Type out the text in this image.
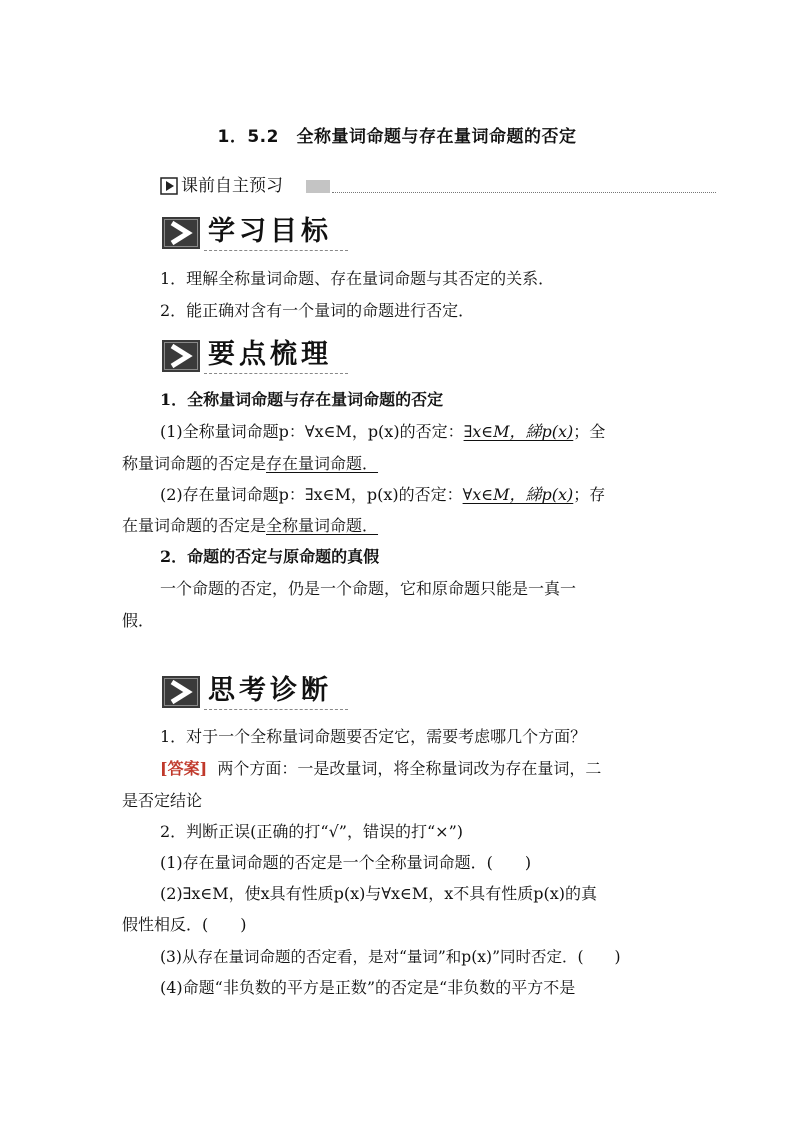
1．5.2　全称量词命题与存在量词命题的否定
课前自主预习
学习目标
1．理解全称量词命题、存在量词命题与其否定的关系．
2．能正确对含有一个量词的命题进行否定．
要点梳理
1．全称量词命题与存在量词命题的否定
(1)全称量词命题p：∀x∈M，p(x)的否定：∃x∈M，綈p(x)；全
称量词命题的否定是存在量词命题．
(2)存在量词命题p：∃x∈M，p(x)的否定：∀x∈M，綈p(x)；存
在量词命题的否定是全称量词命题．
2．命题的否定与原命题的真假
一个命题的否定，仍是一个命题，它和原命题只能是一真一
假．
思考诊断
1．对于一个全称量词命题要否定它，需要考虑哪几个方面？
[答案] 两个方面：一是改量词，将全称量词改为存在量词，二
是否定结论
2．判断正误(正确的打“√”，错误的打“×”)
(1)存在量词命题的否定是一个全称量词命题．(　　)
(2)∃x∈M，使x具有性质p(x)与∀x∈M，x不具有性质p(x)的真
假性相反．(　　)
(3)从存在量词命题的否定看，是对“量词”和p(x)”同时否定．(　　)
(4)命题“非负数的平方是正数”的否定是“非负数的平方不是
